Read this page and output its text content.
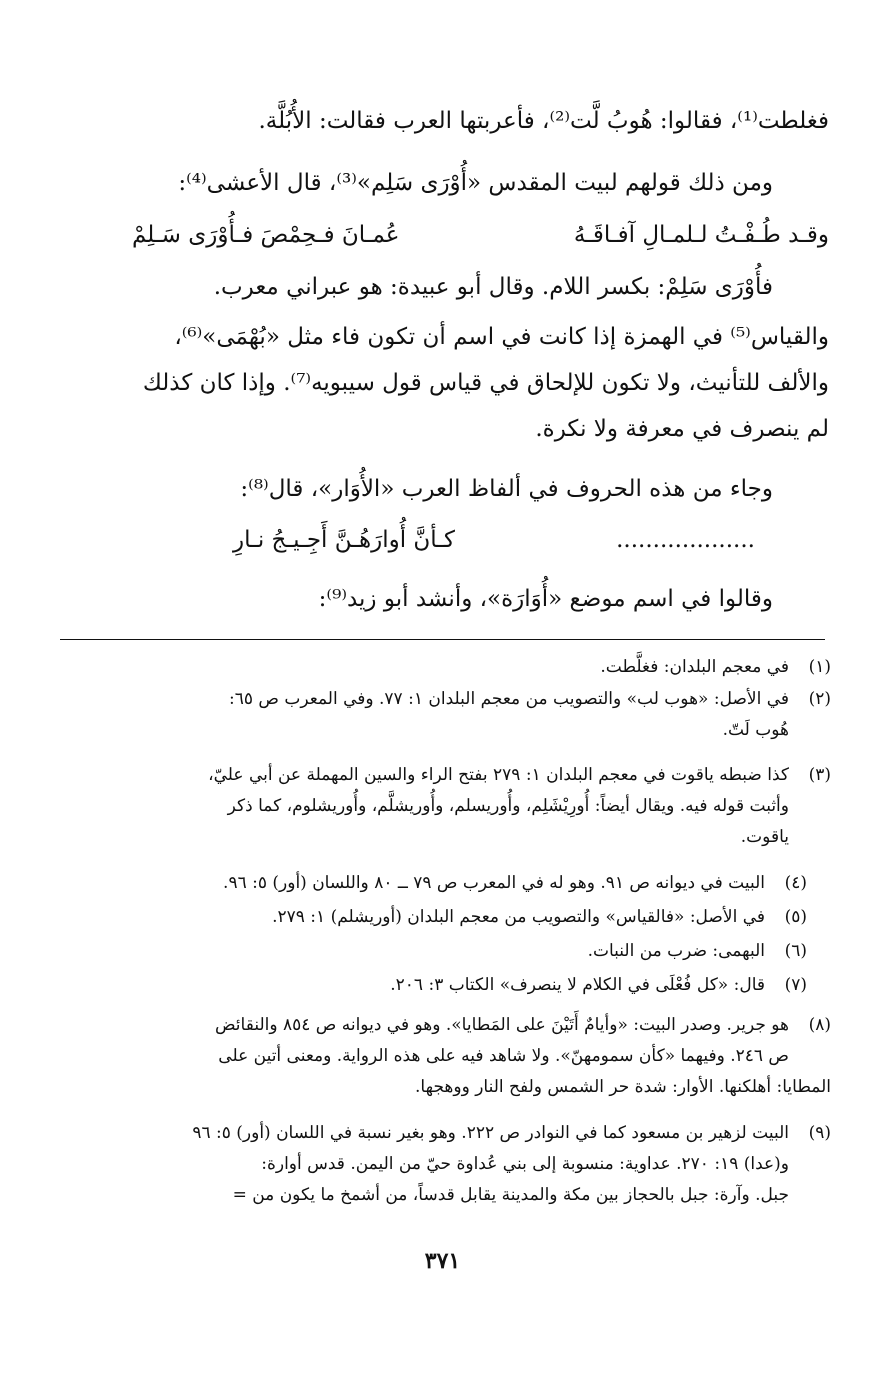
فغلطت⁽¹⁾، فقالوا: هُوبُ لَّت⁽²⁾، فأعربتها العرب فقالت: الأُبُلَّة.
ومن ذلك قولهم لبيت المقدس «أُوْرَى سَلِم»⁽³⁾، قال الأعشى⁽⁴⁾:
وقـد طُـفْـتُ لـلمـالِ آفـاقَـهُ
عُمـانَ فـحِمْصَ فـأُوْرَى سَـلِمْ
فأُوْرَى سَلِمْ: بكسر اللام. وقال أبو عبيدة: هو عبراني معرب.
والقياس⁽⁵⁾ في الهمزة إذا كانت في اسم أن تكون فاء مثل «بُهْمَى»⁽⁶⁾،
والألف للتأنيث، ولا تكون للإلحاق في قياس قول سيبويه⁽⁷⁾. وإذا كان كذلك
لم ينصرف في معرفة ولا نكرة.
وجاء من هذه الحروف في ألفاظ العرب «الأُوَار»، قال⁽⁸⁾:
...................
كـأنَّ أُوارَهُـنَّ أَجِـيـجُ نـارِ
وقالوا في اسم موضع «أُوَارَة»، وأنشد أبو زيد⁽⁹⁾:
(١)في معجم البلدان: فغلَّطت.
(٢)في الأصل: «هوب لب» والتصويب من معجم البلدان ١: ٧٧. وفي المعرب ص ٦٥:
هُوب لَتّ.
(٣)كذا ضبطه ياقوت في معجم البلدان ١: ٢٧٩ بفتح الراء والسين المهملة عن أبي عليّ،
وأثبت قوله فيه. ويقال أيضاً: أُورِيْشَلِم، وأُوريسلم، وأُوريشلَّم، وأُوريشلوم، كما ذكر
ياقوت.
(٤)البيت في ديوانه ص ٩١. وهو له في المعرب ص ٧٩ ــ ٨٠ واللسان (أور) ٥: ٩٦.
(٥)في الأصل: «فالقياس» والتصويب من معجم البلدان (أوريشلم) ١: ٢٧٩.
(٦)البهمى: ضرب من النبات.
(٧)قال: «كل فُعْلَى في الكلام لا ينصرف» الكتاب ٣: ٢٠٦.
(٨)هو جرير. وصدر البيت: «وأيامٌ أَتَيْنَ على المَطايا». وهو في ديوانه ص ٨٥٤ والنقائض
ص ٢٤٦. وفيهما «كأن سمومهنّ». ولا شاهد فيه على هذه الرواية. ومعنى أتين على
المطايا: أهلكنها. الأوار: شدة حر الشمس ولفح النار ووهجها.
(٩)البيت لزهير بن مسعود كما في النوادر ص ٢٢٢. وهو بغير نسبة في اللسان (أور) ٥: ٩٦
و(عدا) ١٩: ٢٧٠. عداوية: منسوبة إلى بني عُداوة حيّ من اليمن. قدس أوارة:
جبل. وآرة: جبل بالحجاز بين مكة والمدينة يقابل قدساً، من أشمخ ما يكون من =
٣٧١
